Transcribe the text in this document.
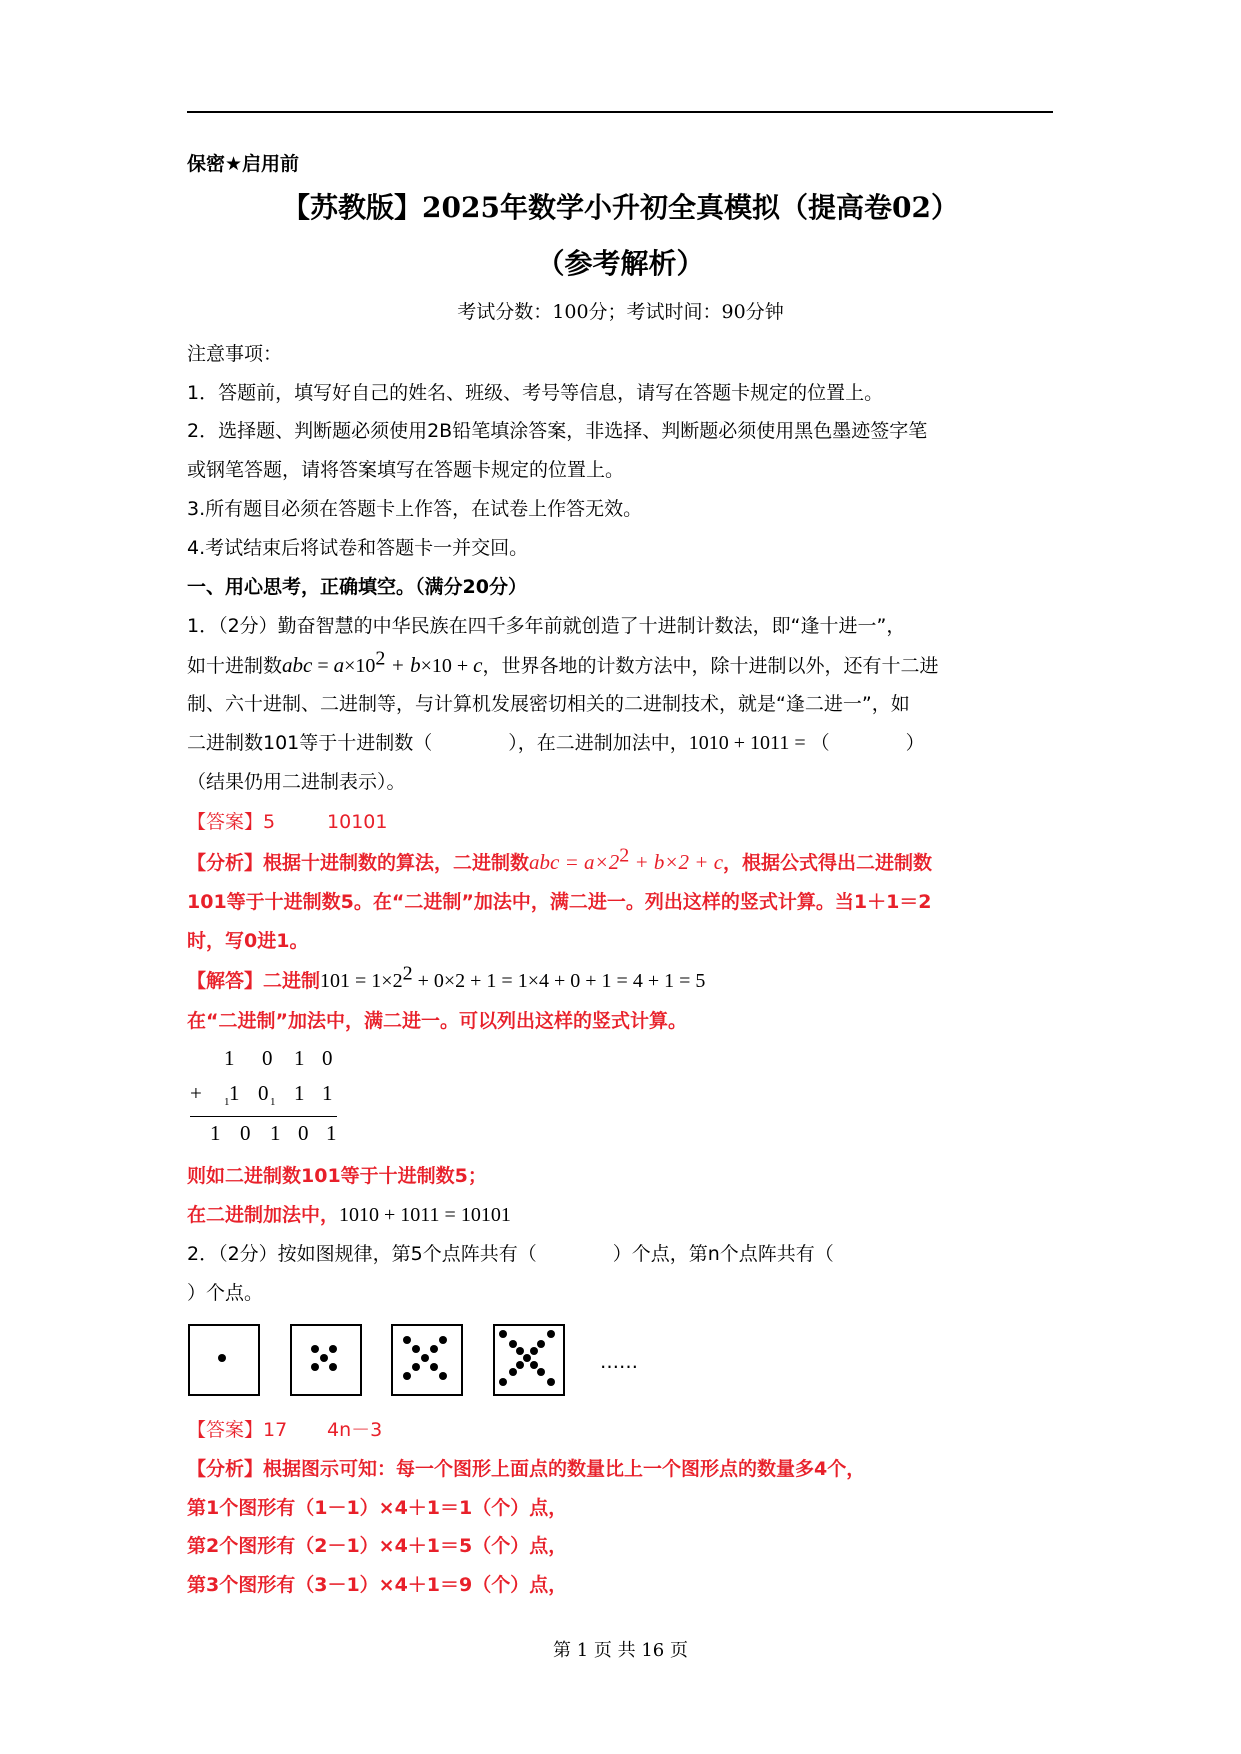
保密★启用前
【苏教版】2025年数学小升初全真模拟（提高卷02）
（参考解析）
考试分数：100分；考试时间：90分钟
注意事项：
1．答题前，填写好自己的姓名、班级、考号等信息，请写在答题卡规定的位置上。
2．选择题、判断题必须使用2B铅笔填涂答案，非选择、判断题必须使用黑色墨迹签字笔
或钢笔答题，请将答案填写在答题卡规定的位置上。
3.所有题目必须在答题卡上作答，在试卷上作答无效。
4.考试结束后将试卷和答题卡一并交回。
一、用心思考，正确填空。（满分20分）
1．（2分）勤奋智慧的中华民族在四千多年前就创造了十进制计数法，即“逢十进一”，
如十进制数abc = $a\times 10^2 + b\times 10 + c$，世界各地的计数方法中，除十进制以外，还有十二进
制、六十进制、二进制等，与计算机发展密切相关的二进制技术，就是“逢二进一”，如
二进制数101等于十进制数（　　　　），在二进制加法中，1010 + 1011 = （　　　　）
（结果仍用二进制表示）。
【答案】5	10101
【分析】根据十进制数的算法，二进制数abc = $a\times 2^2 + b\times 2 + c$，根据公式得出二进制数
101等于十进制数5。在“二进制”加法中，满二进一。列出这样的竖式计算。当1＋1＝2
时，写0进1。
【解答】二进制$101 = 1\times 2^2 + 0\times 2 + 1 = 1\times 4 + 0 + 1 = 4 + 1 = 5$
在“二进制”加法中，满二进一。可以列出这样的竖式计算。
1 0 1 0
+ 1 1 0 1 1 1
1 0 1 0 1
则如二进制数101等于十进制数5；
在二进制加法中，1010 + 1011 = 10101
2．（2分）按如图规律，第5个点阵共有（　　　　）个点，第n个点阵共有（
）个点。
……
【答案】17 4n－3
【分析】根据图示可知：每一个图形上面点的数量比上一个图形点的数量多4个，
第1个图形有（1－1）×4＋1＝1（个）点，
第2个图形有（2－1）×4＋1＝5（个）点，
第3个图形有（3－1）×4＋1＝9（个）点，
第 1 页 共 16 页
